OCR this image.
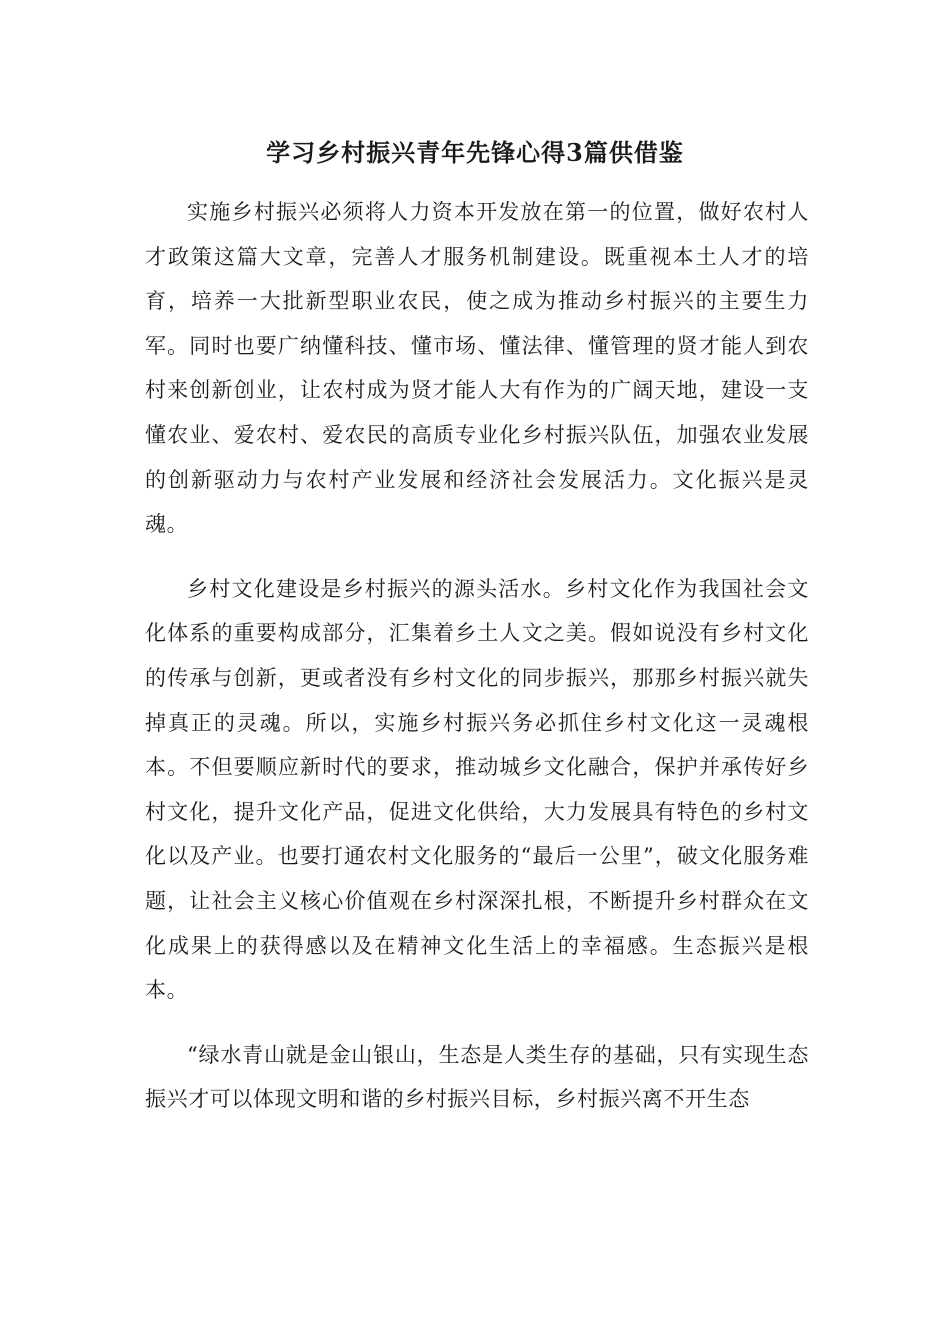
学习乡村振兴青年先锋心得3篇供借鉴

实施乡村振兴必须将人力资本开发放在第一的位置，做好农村人才政策这篇大文章，完善人才服务机制建设。既重视本土人才的培育，培养一大批新型职业农民，使之成为推动乡村振兴的主要生力军。同时也要广纳懂科技、懂市场、懂法律、懂管理的贤才能人到农村来创新创业，让农村成为贤才能人大有作为的广阔天地，建设一支懂农业、爱农村、爱农民的高质专业化乡村振兴队伍，加强农业发展的创新驱动力与农村产业发展和经济社会发展活力。文化振兴是灵魂。

乡村文化建设是乡村振兴的源头活水。乡村文化作为我国社会文化体系的重要构成部分，汇集着乡土人文之美。假如说没有乡村文化的传承与创新，更或者没有乡村文化的同步振兴，那那乡村振兴就失掉真正的灵魂。所以，实施乡村振兴务必抓住乡村文化这一灵魂根本。不但要顺应新时代的要求，推动城乡文化融合，保护并承传好乡村文化，提升文化产品，促进文化供给，大力发展具有特色的乡村文化以及产业。也要打通农村文化服务的“最后一公里”，破文化服务难题，让社会主义核心价值观在乡村深深扎根，不断提升乡村群众在文化成果上的获得感以及在精神文化生活上的幸福感。生态振兴是根本。

“绿水青山就是金山银山，生态是人类生存的基础，只有实现生态振兴才可以体现文明和谐的乡村振兴目标，乡村振兴离不开生态
